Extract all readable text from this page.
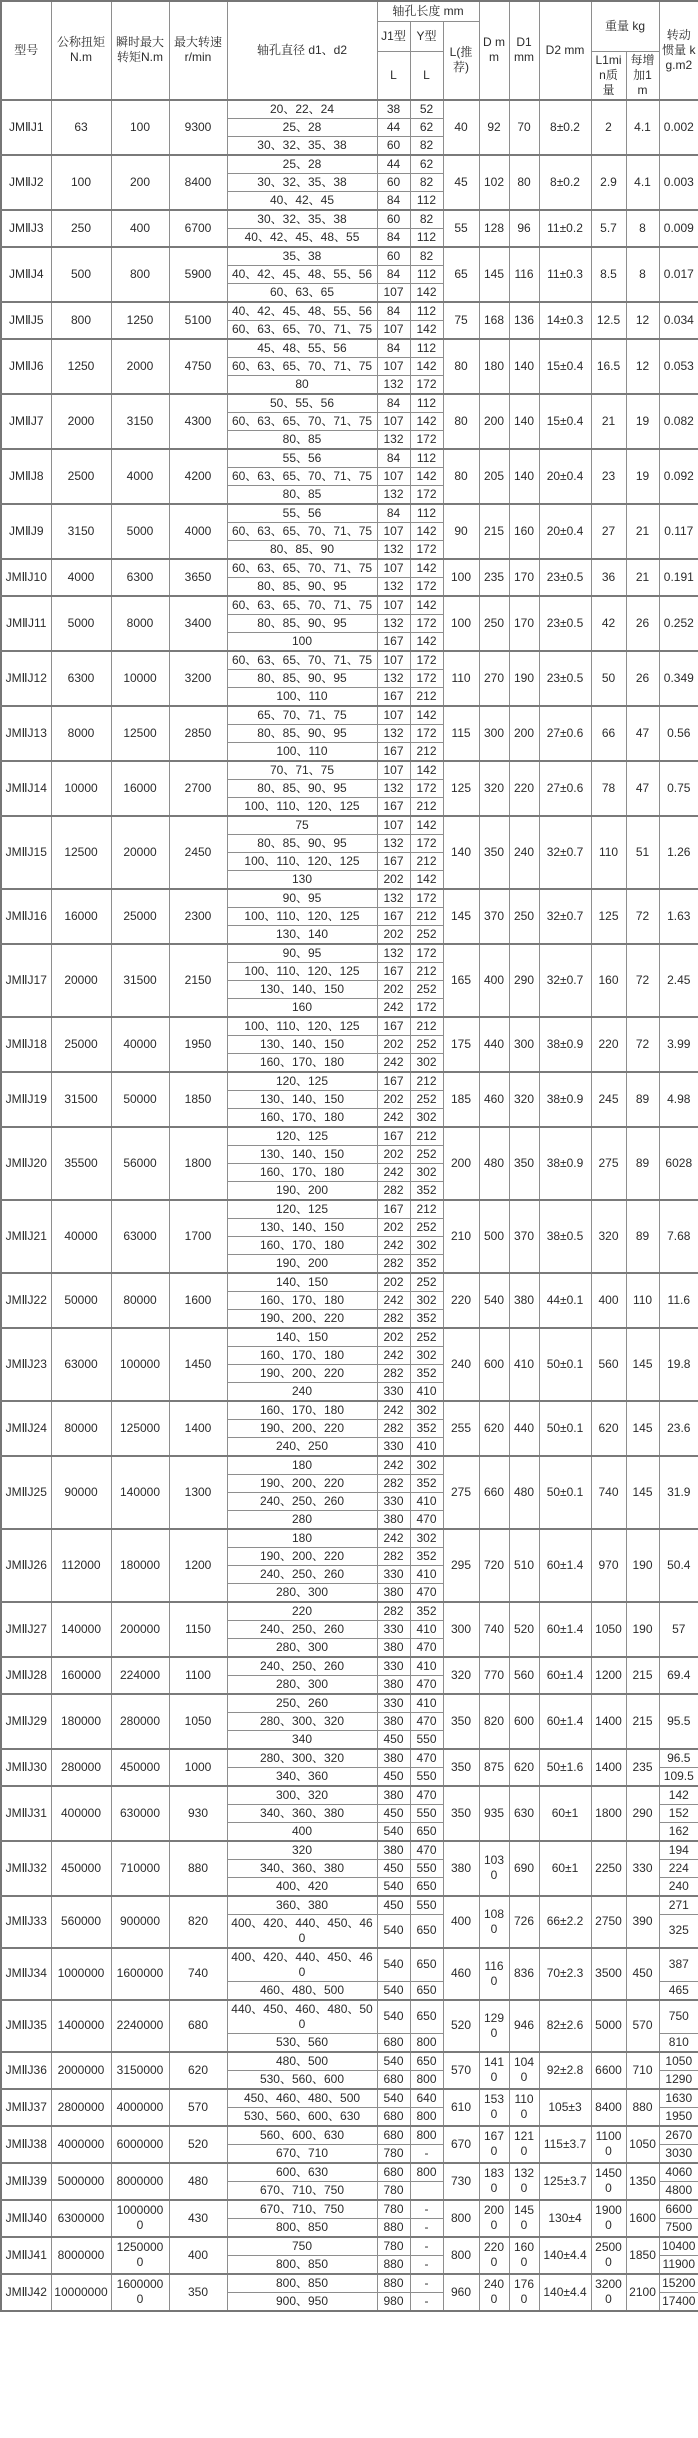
型号	公称扭矩N.m	瞬时最大转矩N.m	最大转速 r/min	轴孔直径 d1、d2	轴孔长度 mm			D mm	D1 mm	D2 mm	重量 kg		转动惯量 kg.m2
					J1型	Y型	L(推荐)						
					L	L					L1min质量	每增加1m	
JMⅡJ1	63	100	9300	20、22、24	38	52	40	92	70	8±0.2	2	4.1	0.002
				25、28	44	62							
				30、32、35、38	60	82							
JMⅡJ2	100	200	8400	25、28	44	62	45	102	80	8±0.2	2.9	4.1	0.003
				30、32、35、38	60	82							
				40、42、45	84	112							
JMⅡJ3	250	400	6700	30、32、35、38	60	82	55	128	96	11±0.2	5.7	8	0.009
				40、42、45、48、55	84	112							
JMⅡJ4	500	800	5900	35、38	60	82	65	145	116	11±0.3	8.5	8	0.017
				40、42、45、48、55、56	84	112							
				60、63、65	107	142							
JMⅡJ5	800	1250	5100	40、42、45、48、55、56	84	112	75	168	136	14±0.3	12.5	12	0.034
				60、63、65、70、71、75	107	142							
JMⅡJ6	1250	2000	4750	45、48、55、56	84	112	80	180	140	15±0.4	16.5	12	0.053
				60、63、65、70、71、75	107	142							
				80	132	172							
JMⅡJ7	2000	3150	4300	50、55、56	84	112	80	200	140	15±0.4	21	19	0.082
				60、63、65、70、71、75	107	142							
				80、85	132	172							
JMⅡJ8	2500	4000	4200	55、56	84	112	80	205	140	20±0.4	23	19	0.092
				60、63、65、70、71、75	107	142							
				80、85	132	172							
JMⅡJ9	3150	5000	4000	55、56	84	112	90	215	160	20±0.4	27	21	0.117
				60、63、65、70、71、75	107	142							
				80、85、90	132	172							
JMⅡJ10	4000	6300	3650	60、63、65、70、71、75	107	142	100	235	170	23±0.5	36	21	0.191
				80、85、90、95	132	172							
JMⅡJ11	5000	8000	3400	60、63、65、70、71、75	107	142	100	250	170	23±0.5	42	26	0.252
				80、85、90、95	132	172							
				100	167	142							
JMⅡJ12	6300	10000	3200	60、63、65、70、71、75	107	172	110	270	190	23±0.5	50	26	0.349
				80、85、90、95	132	172							
				100、110	167	212							
JMⅡJ13	8000	12500	2850	65、70、71、75	107	142	115	300	200	27±0.6	66	47	0.56
				80、85、90、95	132	172							
				100、110	167	212							
JMⅡJ14	10000	16000	2700	70、71、75	107	142	125	320	220	27±0.6	78	47	0.75
				80、85、90、95	132	172							
				100、110、120、125	167	212							
JMⅡJ15	12500	20000	2450	75	107	142	140	350	240	32±0.7	110	51	1.26
				80、85、90、95	132	172							
				100、110、120、125	167	212							
				130	202	142							
JMⅡJ16	16000	25000	2300	90、95	132	172	145	370	250	32±0.7	125	72	1.63
				100、110、120、125	167	212							
				130、140	202	252							
JMⅡJ17	20000	31500	2150	90、95	132	172	165	400	290	32±0.7	160	72	2.45
				100、110、120、125	167	212							
				130、140、150	202	252							
				160	242	172							
JMⅡJ18	25000	40000	1950	100、110、120、125	167	212	175	440	300	38±0.9	220	72	3.99
				130、140、150	202	252							
				160、170、180	242	302							
JMⅡJ19	31500	50000	1850	120、125	167	212	185	460	320	38±0.9	245	89	4.98
				130、140、150	202	252							
				160、170、180	242	302							
JMⅡJ20	35500	56000	1800	120、125	167	212	200	480	350	38±0.9	275	89	6028
				130、140、150	202	252							
				160、170、180	242	302							
				190、200	282	352							
JMⅡJ21	40000	63000	1700	120、125	167	212	210	500	370	38±0.5	320	89	7.68
				130、140、150	202	252							
				160、170、180	242	302							
				190、200	282	352							
JMⅡJ22	50000	80000	1600	140、150	202	252	220	540	380	44±0.1	400	110	11.6
				160、170、180	242	302							
				190、200、220	282	352							
JMⅡJ23	63000	100000	1450	140、150	202	252	240	600	410	50±0.1	560	145	19.8
				160、170、180	242	302							
				190、200、220	282	352							
				240	330	410							
JMⅡJ24	80000	125000	1400	160、170、180	242	302	255	620	440	50±0.1	620	145	23.6
				190、200、220	282	352							
				240、250	330	410							
JMⅡJ25	90000	140000	1300	180	242	302	275	660	480	50±0.1	740	145	31.9
				190、200、220	282	352							
				240、250、260	330	410							
				280	380	470							
JMⅡJ26	112000	180000	1200	180	242	302	295	720	510	60±1.4	970	190	50.4
				190、200、220	282	352							
				240、250、260	330	410							
				280、300	380	470							
JMⅡJ27	140000	200000	1150	220	282	352	300	740	520	60±1.4	1050	190	57
				240、250、260	330	410							
				280、300	380	470							
JMⅡJ28	160000	224000	1100	240、250、260	330	410	320	770	560	60±1.4	1200	215	69.4
				280、300	380	470							
JMⅡJ29	180000	280000	1050	250、260	330	410	350	820	600	60±1.4	1400	215	95.5
				280、300、320	380	470							
				340	450	550							
JMⅡJ30	280000	450000	1000	280、300、320	380	470	350	875	620	50±1.6	1400	235	96.5
				340、360	450	550							109.5
JMⅡJ31	400000	630000	930	300、320	380	470	350	935	630	60±1	1800	290	142
				340、360、380	450	550							152
				400	540	650							162
JMⅡJ32	450000	710000	880	320	380	470	380	1030	690	60±1	2250	330	194
				340、360、380	450	550							224
				400、420	540	650							240
JMⅡJ33	560000	900000	820	360、380	450	550	400	1080	726	66±2.2	2750	390	271
				400、420、440、450、460	540	650							325
JMⅡJ34	1000000	1600000	740	400、420、440、450、460	540	650	460	1160	836	70±2.3	3500	450	387
				460、480、500	540	650							465
JMⅡJ35	1400000	2240000	680	440、450、460、480、500	540	650	520	1290	946	82±2.6	5000	570	750
				530、560	680	800							810
JMⅡJ36	2000000	3150000	620	480、500	540	650	570	1410	1040	92±2.8	6600	710	1050
				530、560、600	680	800							1290
JMⅡJ37	2800000	4000000	570	450、460、480、500	540	640	610	1530	1100	105±3	8400	880	1630
				530、560、600、630	680	800							1950
JMⅡJ38	4000000	6000000	520	560、600、630	680	800	670	1670	1210	115±3.7	11000	1050	2670
				670、710	780	-							3030
JMⅡJ39	5000000	8000000	480	600、630	680	800	730	1830	1320	125±3.7	14500	1350	4060
				670、710、750	780								4800
JMⅡJ40	6300000	10000000	430	670、710、750	780	-	800	2000	1450	130±4	19000	1600	6600
				800、850	880	-							7500
JMⅡJ41	8000000	12500000	400	750	780	-	800	2200	1600	140±4.4	25000	1850	10400
				800、850	880	-							11900
JMⅡJ42	10000000	16000000	350	800、850	880	-	960	2400	1760	140±4.4	32000	2100	15200
				900、950	980	-							17400
